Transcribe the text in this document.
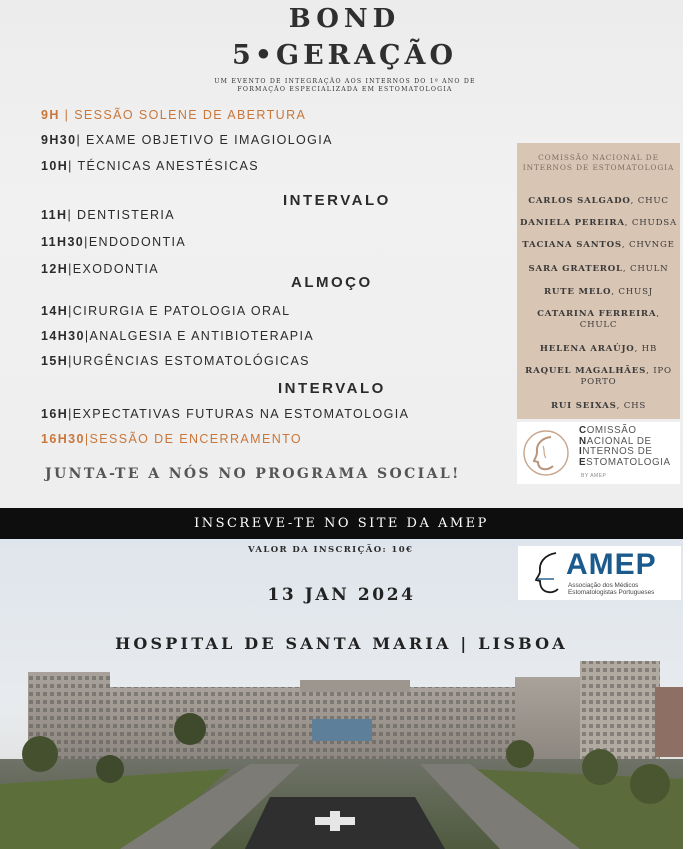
BOND
5•GERAÇÃO
UM EVENTO DE INTEGRAÇÃO AOS INTERNOS DO 1º ANO DE FORMAÇÃO ESPECIALIZADA EM ESTOMATOLOGIA
9H | SESSÃO SOLENE DE ABERTURA
9H30| EXAME OBJETIVO E IMAGIOLOGIA
10H| TÉCNICAS ANESTÉSICAS
INTERVALO
11H| DENTISTERIA
11H30|ENDODONTIA
12H|EXODONTIA
ALMOÇO
14H|CIRURGIA E PATOLOGIA ORAL
14H30|ANALGESIA E ANTIBIOTERAPIA
15H|URGÊNCIAS ESTOMATOLÓGICAS
INTERVALO
16H|EXPECTATIVAS FUTURAS NA ESTOMATOLOGIA
16H30|SESSÃO DE ENCERRAMENTO
JUNTA-TE A NÓS NO PROGRAMA SOCIAL!
COMISSÃO NACIONAL DE INTERNOS DE ESTOMATOLOGIA
CARLOS SALGADO, CHUC
DANIELA PEREIRA, CHUDSA
TACIANA SANTOS, CHVNGE
SARA GRATEROL, CHULN
RUTE MELO, CHUSJ
CATARINA FERREIRA, CHULC
HELENA ARAÚJO, HB
RAQUEL MAGALHÃES, IPO PORTO
RUI SEIXAS, CHS
COMISSÃO
NACIONAL DE
INTERNOS DE
ESTOMATOLOGIA
BY AMEP
INSCREVE-TE NO SITE DA AMEP
VALOR DA INSCRIÇÃO: 10€	AMEP
Associação dos Médicos
Estomatologistas Portugueses
13 JAN 2024
HOSPITAL DE SANTA MARIA | LISBOA
